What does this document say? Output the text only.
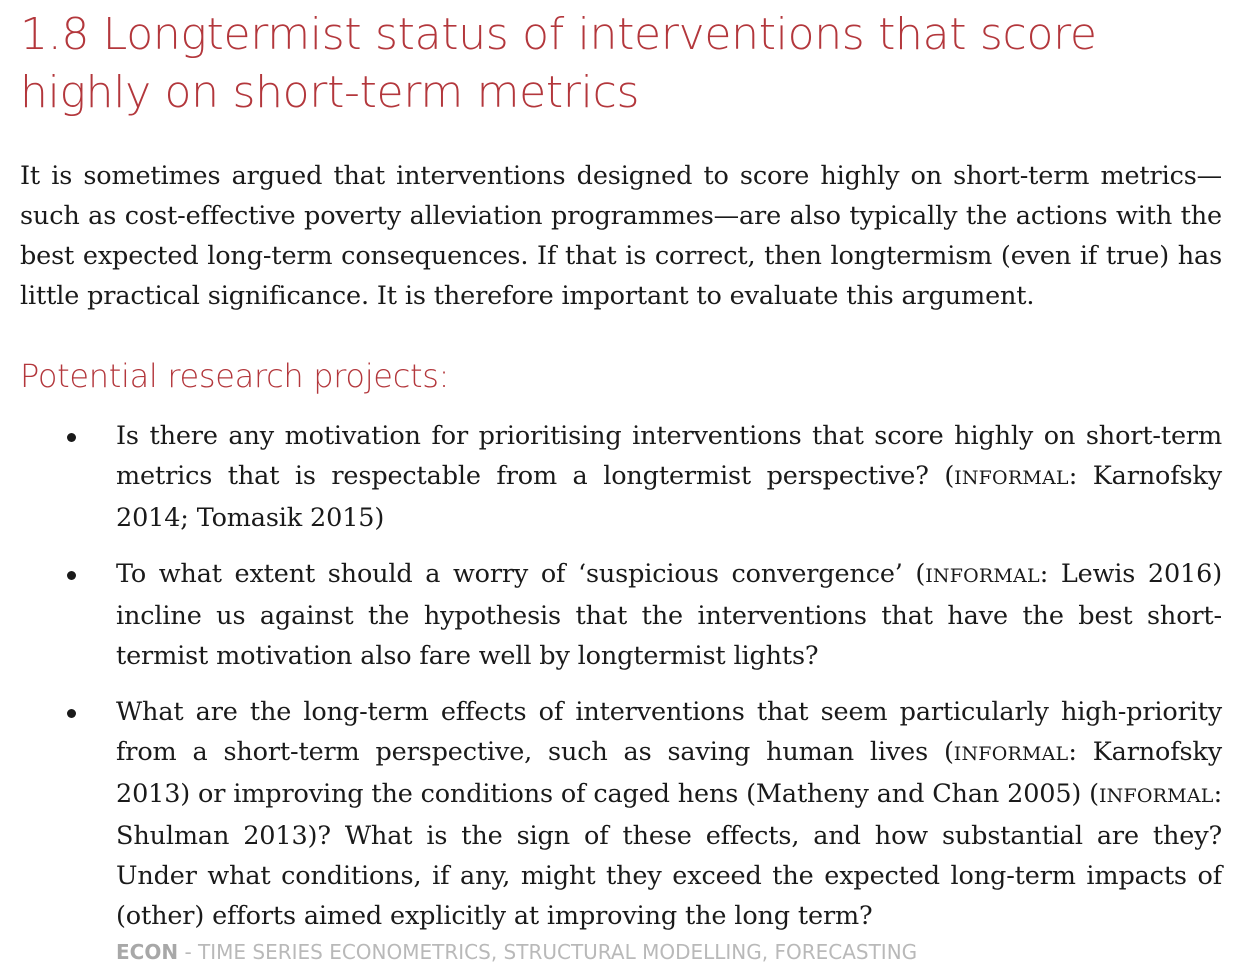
1.8 Longtermist status of interventions that score highly on short-term metrics

It is sometimes argued that interventions designed to score highly on short-term metrics—such as cost-effective poverty alleviation programmes—are also typically the actions with the best expected long-term consequences. If that is correct, then longtermism (even if true) has little practical significance. It is therefore important to evaluate this argument.

Potential research projects:
Is there any motivation for prioritising interventions that score highly on short-term metrics that is respectable from a longtermist perspective? (INFORMAL: Karnofsky 2014; Tomasik 2015)
To what extent should a worry of ‘suspicious convergence’ (INFORMAL: Lewis 2016) incline us against the hypothesis that the interventions that have the best short-termist motivation also fare well by longtermist lights?
What are the long-term effects of interventions that seem particularly high-priority from a short-term perspective, such as saving human lives (INFORMAL: Karnofsky 2013) or improving the conditions of caged hens (Matheny and Chan 2005) (INFORMAL: Shulman 2013)? What is the sign of these effects, and how substantial are they? Under what conditions, if any, might they exceed the expected long-term impacts of (other) efforts aimed explicitly at improving the long term?
ECON - TIME SERIES ECONOMETRICS, STRUCTURAL MODELLING, FORECASTING
